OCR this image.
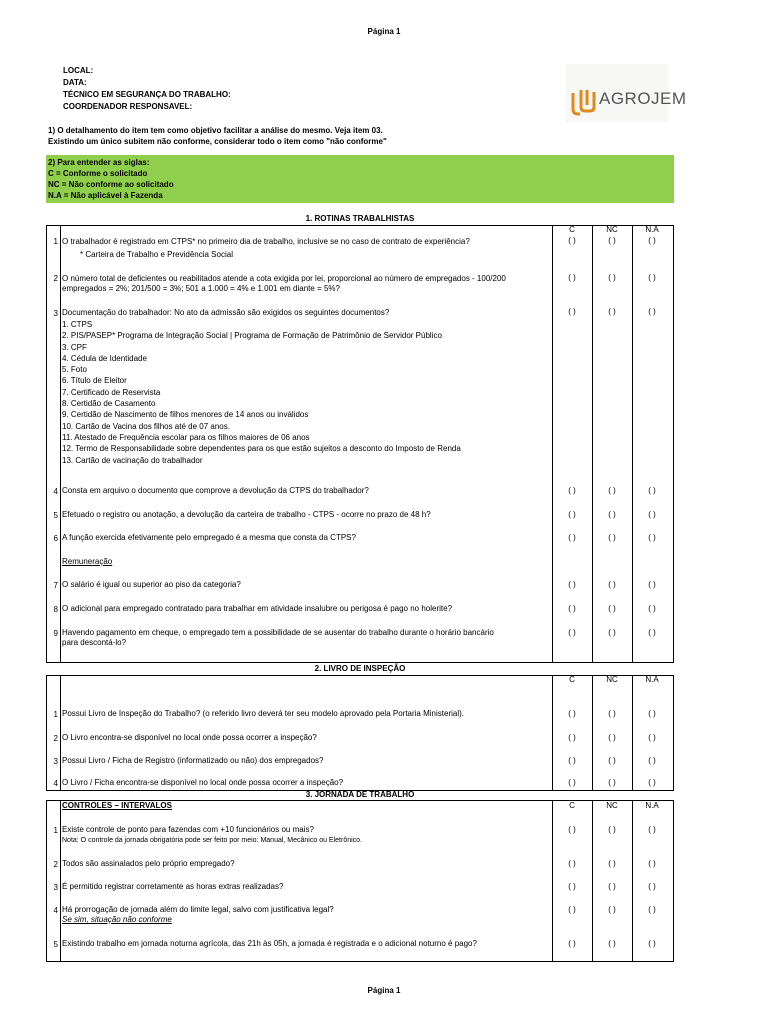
Página 1
LOCAL:
DATA:
TÉCNICO EM SEGURANÇA DO TRABALHO:
COORDENADOR RESPONSAVEL:	AGROJEM
1) O detalhamento do item tem como objetivo facilitar a análise do mesmo. Veja item 03.
Existindo um único subitem não conforme, considerar todo o item como "não conforme"
2) Para entender as siglas:
C = Conforme o solicitado
NC = Não conforme ao solicitado
N.A = Não aplicável à Fazenda
1. ROTINAS TRABALHISTAS
C	NC	N.A
1 O trabalhador é registrado em CTPS* no primeiro dia de trabalho, inclusive se no caso de contrato de experiência?
* Carteira de Trabalho e Previdência Social
( )	( )	( )
2 O número total de deficientes ou reabilitados atende a cota exigida por lei, proporcional ao número de empregados - 100/200
empregados = 2%; 201/500 = 3%; 501 a 1.000 = 4% e 1.001 em diante = 5%?
( )	( )	( )
3 Documentação do trabalhador: No ato da admissão são exigidos os seguintes documentos?	( )	( )	( )
1. CTPS
2. PIS/PASEP* Programa de Integração Social | Programa de Formação de Patrimônio de Servidor Público
3. CPF
4. Cédula de Identidade
5. Foto
6. Título de Eleitor
7. Certificado de Reservista
8. Certidão de Casamento
9. Certidão de Nascimento de filhos menores de 14 anos ou inválidos
10. Cartão de Vacina dos filhos até de 07 anos.
11. Atestado de Frequência escolar para os filhos maiores de 06 anos
12. Termo de Responsabilidade sobre dependentes para os que estão sujeitos a desconto do Imposto de Renda
13. Cartão de vacinação do trabalhador
4 Consta em arquivo o documento que comprove a devolução da CTPS do trabalhador?	( )	( )	( )
5 Efetuado o registro ou anotação, a devolução da carteira de trabalho - CTPS - ocorre no prazo de 48 h?	( )	( )	( )
6 A função exercida efetivamente pelo empregado é a mesma que consta da CTPS?	( )	( )	( )
Remuneração
7 O salário é igual ou superior ao piso da categoria?	( )	( )	( )
8 O adicional para empregado contratado para trabalhar em atividade insalubre ou perigosa é pago no holerite?	( )	( )	( )
9 Havendo pagamento em cheque, o empregado tem a possibilidade de se ausentar do trabalho durante o horário bancário
para descontá-lo?
( )	( )	( )
2. LIVRO DE INSPEÇÃO
C	NC	N.A
1 Possui Livro de Inspeção do Trabalho? (o referido livro deverá ter seu modelo aprovado pela Portaria Ministerial).	( )	( )	( )
2 O Livro encontra-se disponível no local onde possa ocorrer a inspeção?	( )	( )	( )
3 Possui Livro / Ficha de Registro (informatizado ou não) dos empregados?	( )	( )	( )
4 O Livro / Ficha encontra-se disponível no local onde possa ocorrer a inspeção?	( )	( )	( )
3. JORNADA DE TRABALHO
CONTROLES – INTERVALOS	C	NC	N.A
1 Existe controle de ponto para fazendas com +10 funcionários ou mais?
Nota: O controle da jornada obrigatória pode ser feito por meio: Manual, Mecânico ou Eletrônico.
( )	( )	( )
2 Todos são assinalados pelo próprio empregado?	( )	( )	( )
3 É permitido registrar corretamente as horas extras realizadas?	( )	( )	( )
4 Há prorrogação de jornada além do limite legal, salvo com justificativa legal?
Se sim, situação não conforme
( )	( )	( )
5 Existindo trabalho em jornada noturna agrícola, das 21h às 05h, a jornada é registrada e o adicional noturno é pago?	( )	( )	( )
Página 1
